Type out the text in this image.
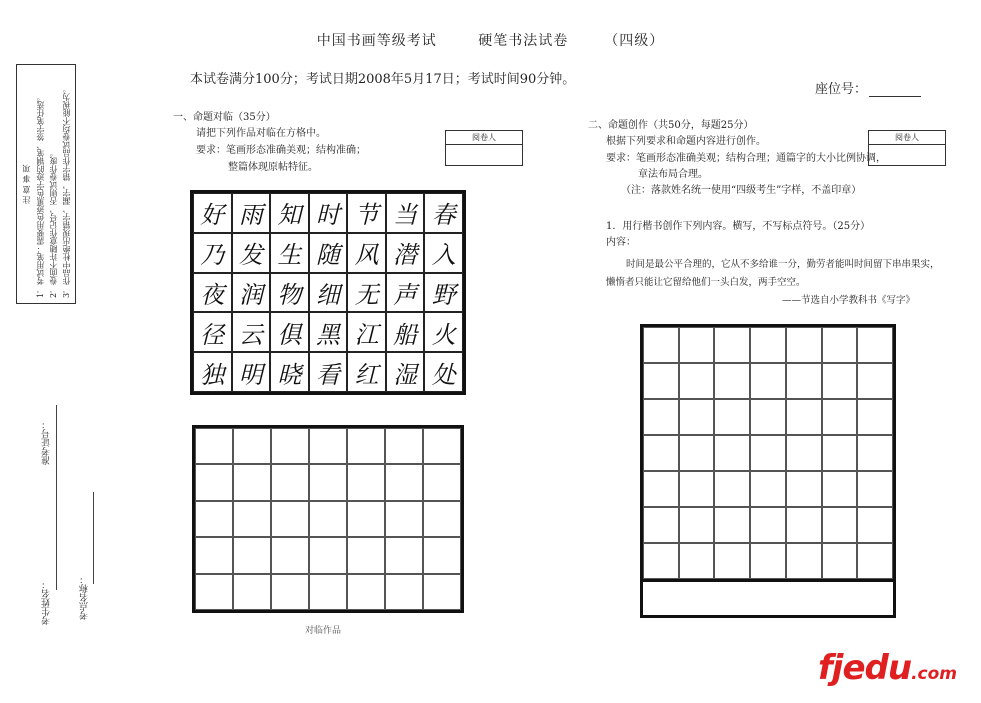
中国书画等级考试	硬笔书法试卷	（四级）
本试卷满分100分；考试日期2008年5月17日；考试时间90分钟。
座位号：
注 意 事 项 1．考试用笔：需要用色迹黑色字迹的钢笔、签字笔任选。 2．卷面不许随意作记号，否则试卷作废。 3．作品中杜绝出现错字、漏字，错字作品试卷均不能视为。
准考证号：
考生姓名：	考点名称：
一、命题对临（35分）
请把下列作品对临在方格中。
要求：笔画形态准确美观；结构准确；
整篇体现原帖特征。
阅卷人
好 雨 知 时 节 当 春
乃 发 生 随 风 潜 入
夜 润 物 细 无 声 野
径 云 俱 黑 江 船 火
独 明 晓 看 红 湿 处
对临作品
二、命题创作（共50分，每题25分）
根据下列要求和命题内容进行创作。
要求：笔画形态准确美观；结构合理；通篇字的大小比例协调，
章法布局合理。
（注：落款姓名统一使用“四级考生”字样，不盖印章）
阅卷人
1．用行楷书创作下列内容。横写，不写标点符号。（25分）
内容：
时间是最公平合理的，它从不多给谁一分，勤劳者能叫时间留下串串果实，
懒惰者只能让它留给他们一头白发，两手空空。
——节选自小学教科书《写字》
fjedu.com
